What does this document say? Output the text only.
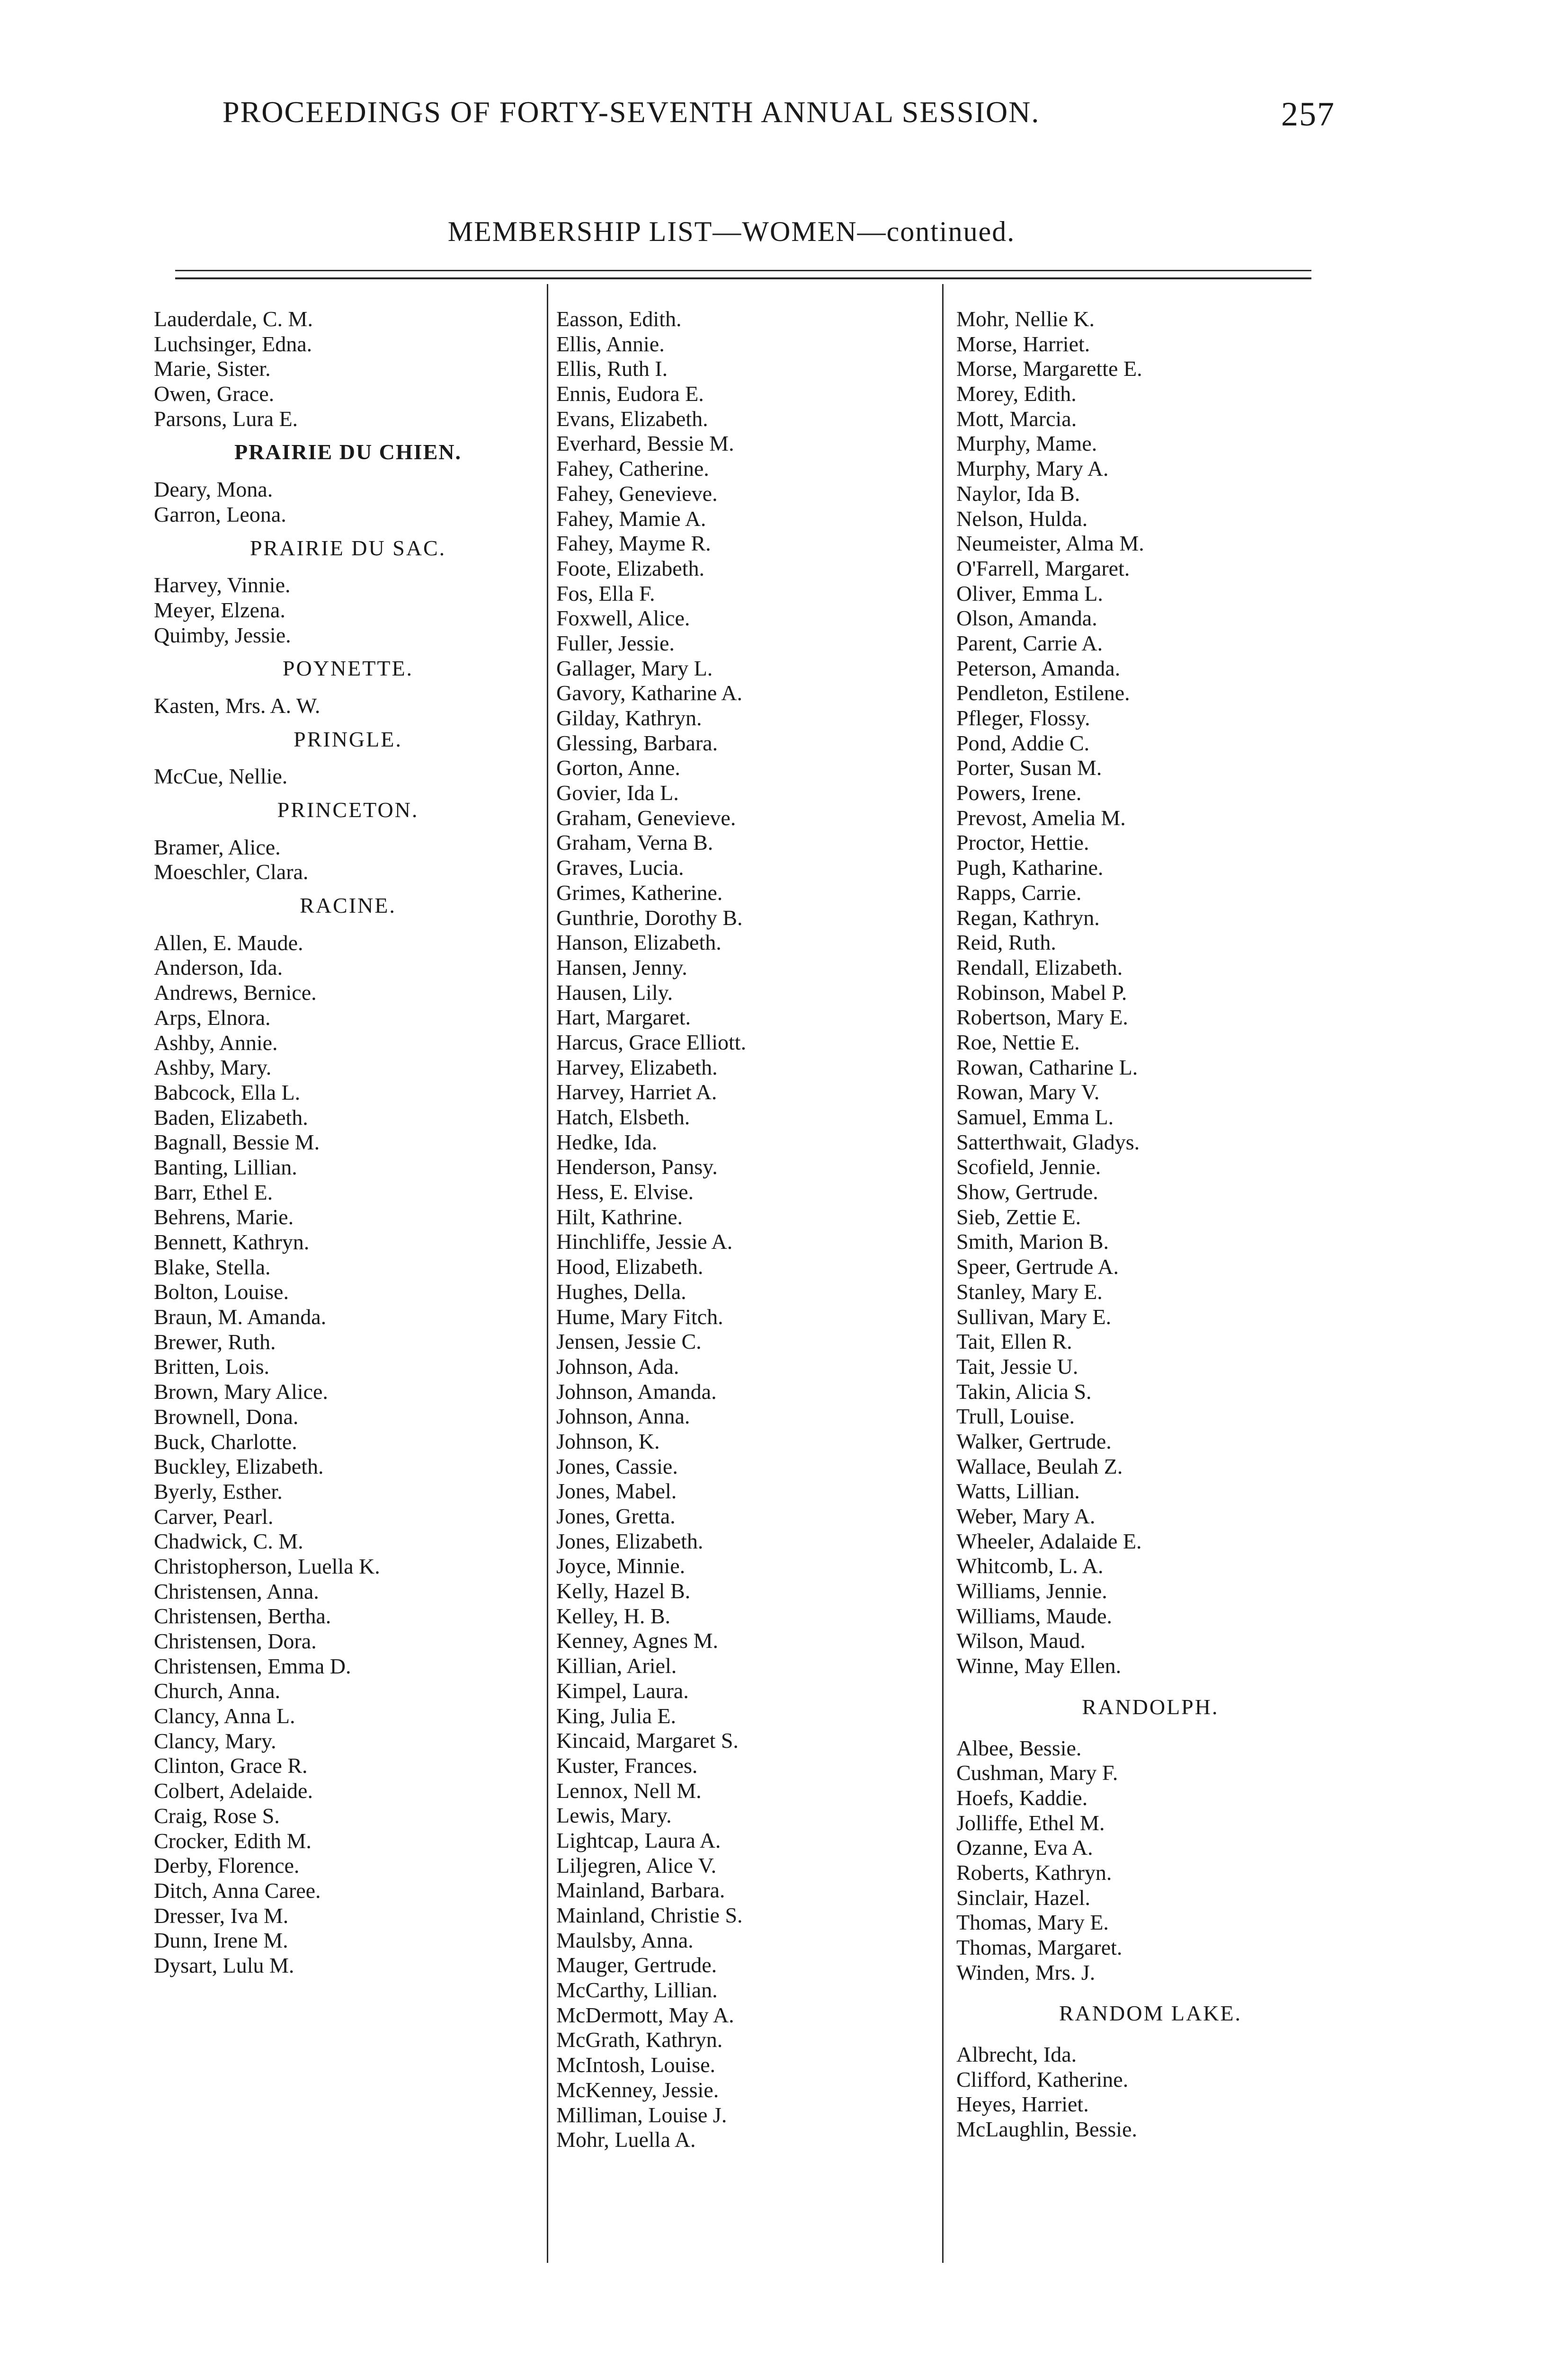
PROCEEDINGS OF FORTY-SEVENTH ANNUAL SESSION.	257
MEMBERSHIP LIST—WOMEN—continued.
Lauderdale, C. M.
Luchsinger, Edna.
Marie, Sister.
Owen, Grace.
Parsons, Lura E.
PRAIRIE DU CHIEN.
Deary, Mona.
Garron, Leona.
PRAIRIE DU SAC.
Harvey, Vinnie.
Meyer, Elzena.
Quimby, Jessie.
POYNETTE.
Kasten, Mrs. A. W.
PRINGLE.
McCue, Nellie.
PRINCETON.
Bramer, Alice.
Moeschler, Clara.
RACINE.
Allen, E. Maude.
Anderson, Ida.
Andrews, Bernice.
Arps, Elnora.
Ashby, Annie.
Ashby, Mary.
Babcock, Ella L.
Baden, Elizabeth.
Bagnall, Bessie M.
Banting, Lillian.
Barr, Ethel E.
Behrens, Marie.
Bennett, Kathryn.
Blake, Stella.
Bolton, Louise.
Braun, M. Amanda.
Brewer, Ruth.
Britten, Lois.
Brown, Mary Alice.
Brownell, Dona.
Buck, Charlotte.
Buckley, Elizabeth.
Byerly, Esther.
Carver, Pearl.
Chadwick, C. M.
Christopherson, Luella K.
Christensen, Anna.
Christensen, Bertha.
Christensen, Dora.
Christensen, Emma D.
Church, Anna.
Clancy, Anna L.
Clancy, Mary.
Clinton, Grace R.
Colbert, Adelaide.
Craig, Rose S.
Crocker, Edith M.
Derby, Florence.
Ditch, Anna Caree.
Dresser, Iva M.
Dunn, Irene M.
Dysart, Lulu M.
Easson, Edith.
Ellis, Annie.
Ellis, Ruth I.
Ennis, Eudora E.
Evans, Elizabeth.
Everhard, Bessie M.
Fahey, Catherine.
Fahey, Genevieve.
Fahey, Mamie A.
Fahey, Mayme R.
Foote, Elizabeth.
Fos, Ella F.
Foxwell, Alice.
Fuller, Jessie.
Gallager, Mary L.
Gavory, Katharine A.
Gilday, Kathryn.
Glessing, Barbara.
Gorton, Anne.
Govier, Ida L.
Graham, Genevieve.
Graham, Verna B.
Graves, Lucia.
Grimes, Katherine.
Gunthrie, Dorothy B.
Hanson, Elizabeth.
Hansen, Jenny.
Hausen, Lily.
Hart, Margaret.
Harcus, Grace Elliott.
Harvey, Elizabeth.
Harvey, Harriet A.
Hatch, Elsbeth.
Hedke, Ida.
Henderson, Pansy.
Hess, E. Elvise.
Hilt, Kathrine.
Hinchliffe, Jessie A.
Hood, Elizabeth.
Hughes, Della.
Hume, Mary Fitch.
Jensen, Jessie C.
Johnson, Ada.
Johnson, Amanda.
Johnson, Anna.
Johnson, K.
Jones, Cassie.
Jones, Mabel.
Jones, Gretta.
Jones, Elizabeth.
Joyce, Minnie.
Kelly, Hazel B.
Kelley, H. B.
Kenney, Agnes M.
Killian, Ariel.
Kimpel, Laura.
King, Julia E.
Kincaid, Margaret S.
Kuster, Frances.
Lennox, Nell M.
Lewis, Mary.
Lightcap, Laura A.
Liljegren, Alice V.
Mainland, Barbara.
Mainland, Christie S.
Maulsby, Anna.
Mauger, Gertrude.
McCarthy, Lillian.
McDermott, May A.
McGrath, Kathryn.
McIntosh, Louise.
McKenney, Jessie.
Milliman, Louise J.
Mohr, Luella A.
Mohr, Nellie K.
Morse, Harriet.
Morse, Margarette E.
Morey, Edith.
Mott, Marcia.
Murphy, Mame.
Murphy, Mary A.
Naylor, Ida B.
Nelson, Hulda.
Neumeister, Alma M.
O'Farrell, Margaret.
Oliver, Emma L.
Olson, Amanda.
Parent, Carrie A.
Peterson, Amanda.
Pendleton, Estilene.
Pfleger, Flossy.
Pond, Addie C.
Porter, Susan M.
Powers, Irene.
Prevost, Amelia M.
Proctor, Hettie.
Pugh, Katharine.
Rapps, Carrie.
Regan, Kathryn.
Reid, Ruth.
Rendall, Elizabeth.
Robinson, Mabel P.
Robertson, Mary E.
Roe, Nettie E.
Rowan, Catharine L.
Rowan, Mary V.
Samuel, Emma L.
Satterthwait, Gladys.
Scofield, Jennie.
Show, Gertrude.
Sieb, Zettie E.
Smith, Marion B.
Speer, Gertrude A.
Stanley, Mary E.
Sullivan, Mary E.
Tait, Ellen R.
Tait, Jessie U.
Takin, Alicia S.
Trull, Louise.
Walker, Gertrude.
Wallace, Beulah Z.
Watts, Lillian.
Weber, Mary A.
Wheeler, Adalaide E.
Whitcomb, L. A.
Williams, Jennie.
Williams, Maude.
Wilson, Maud.
Winne, May Ellen.
RANDOLPH.
Albee, Bessie.
Cushman, Mary F.
Hoefs, Kaddie.
Jolliffe, Ethel M.
Ozanne, Eva A.
Roberts, Kathryn.
Sinclair, Hazel.
Thomas, Mary E.
Thomas, Margaret.
Winden, Mrs. J.
RANDOM LAKE.
Albrecht, Ida.
Clifford, Katherine.
Heyes, Harriet.
McLaughlin, Bessie.
